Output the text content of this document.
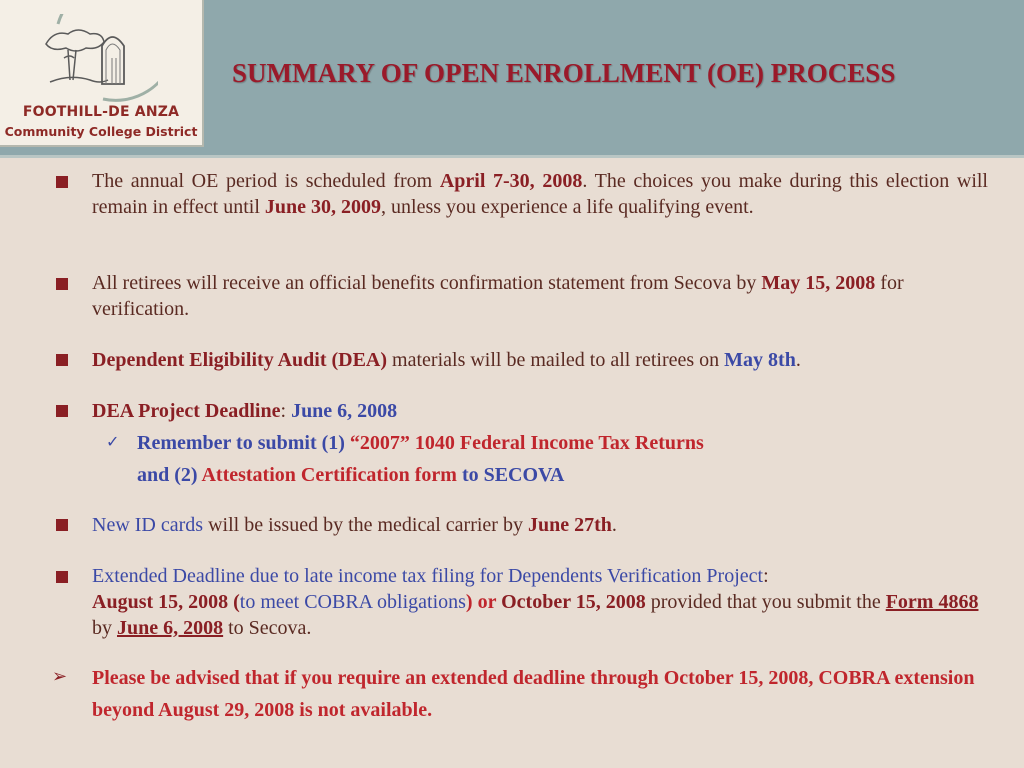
FOOTHILL-DE ANZA
Community College District
SUMMARY OF OPEN ENROLLMENT (OE) PROCESS
The annual OE period is scheduled from April 7-30, 2008. The choices you make during this election will remain in effect until June 30, 2009, unless you experience a life qualifying event.
All retirees will receive an official benefits confirmation statement from Secova by May 15, 2008 for verification.
Dependent Eligibility Audit (DEA) materials will be mailed to all retirees on May 8th.
DEA Project Deadline: June 6, 2008
✓ Remember to submit (1) “2007” 1040 Federal Income Tax Returns
and (2) Attestation Certification form to SECOVA
New ID cards will be issued by the medical carrier by June 27th.
Extended Deadline due to late income tax filing for Dependents Verification Project:
August 15, 2008 (to meet COBRA obligations) or October 15, 2008 provided that you submit the Form 4868 by June 6, 2008 to Secova.
➢ Please be advised that if you require an extended deadline through October 15, 2008, COBRA extension beyond August 29, 2008 is not available.
